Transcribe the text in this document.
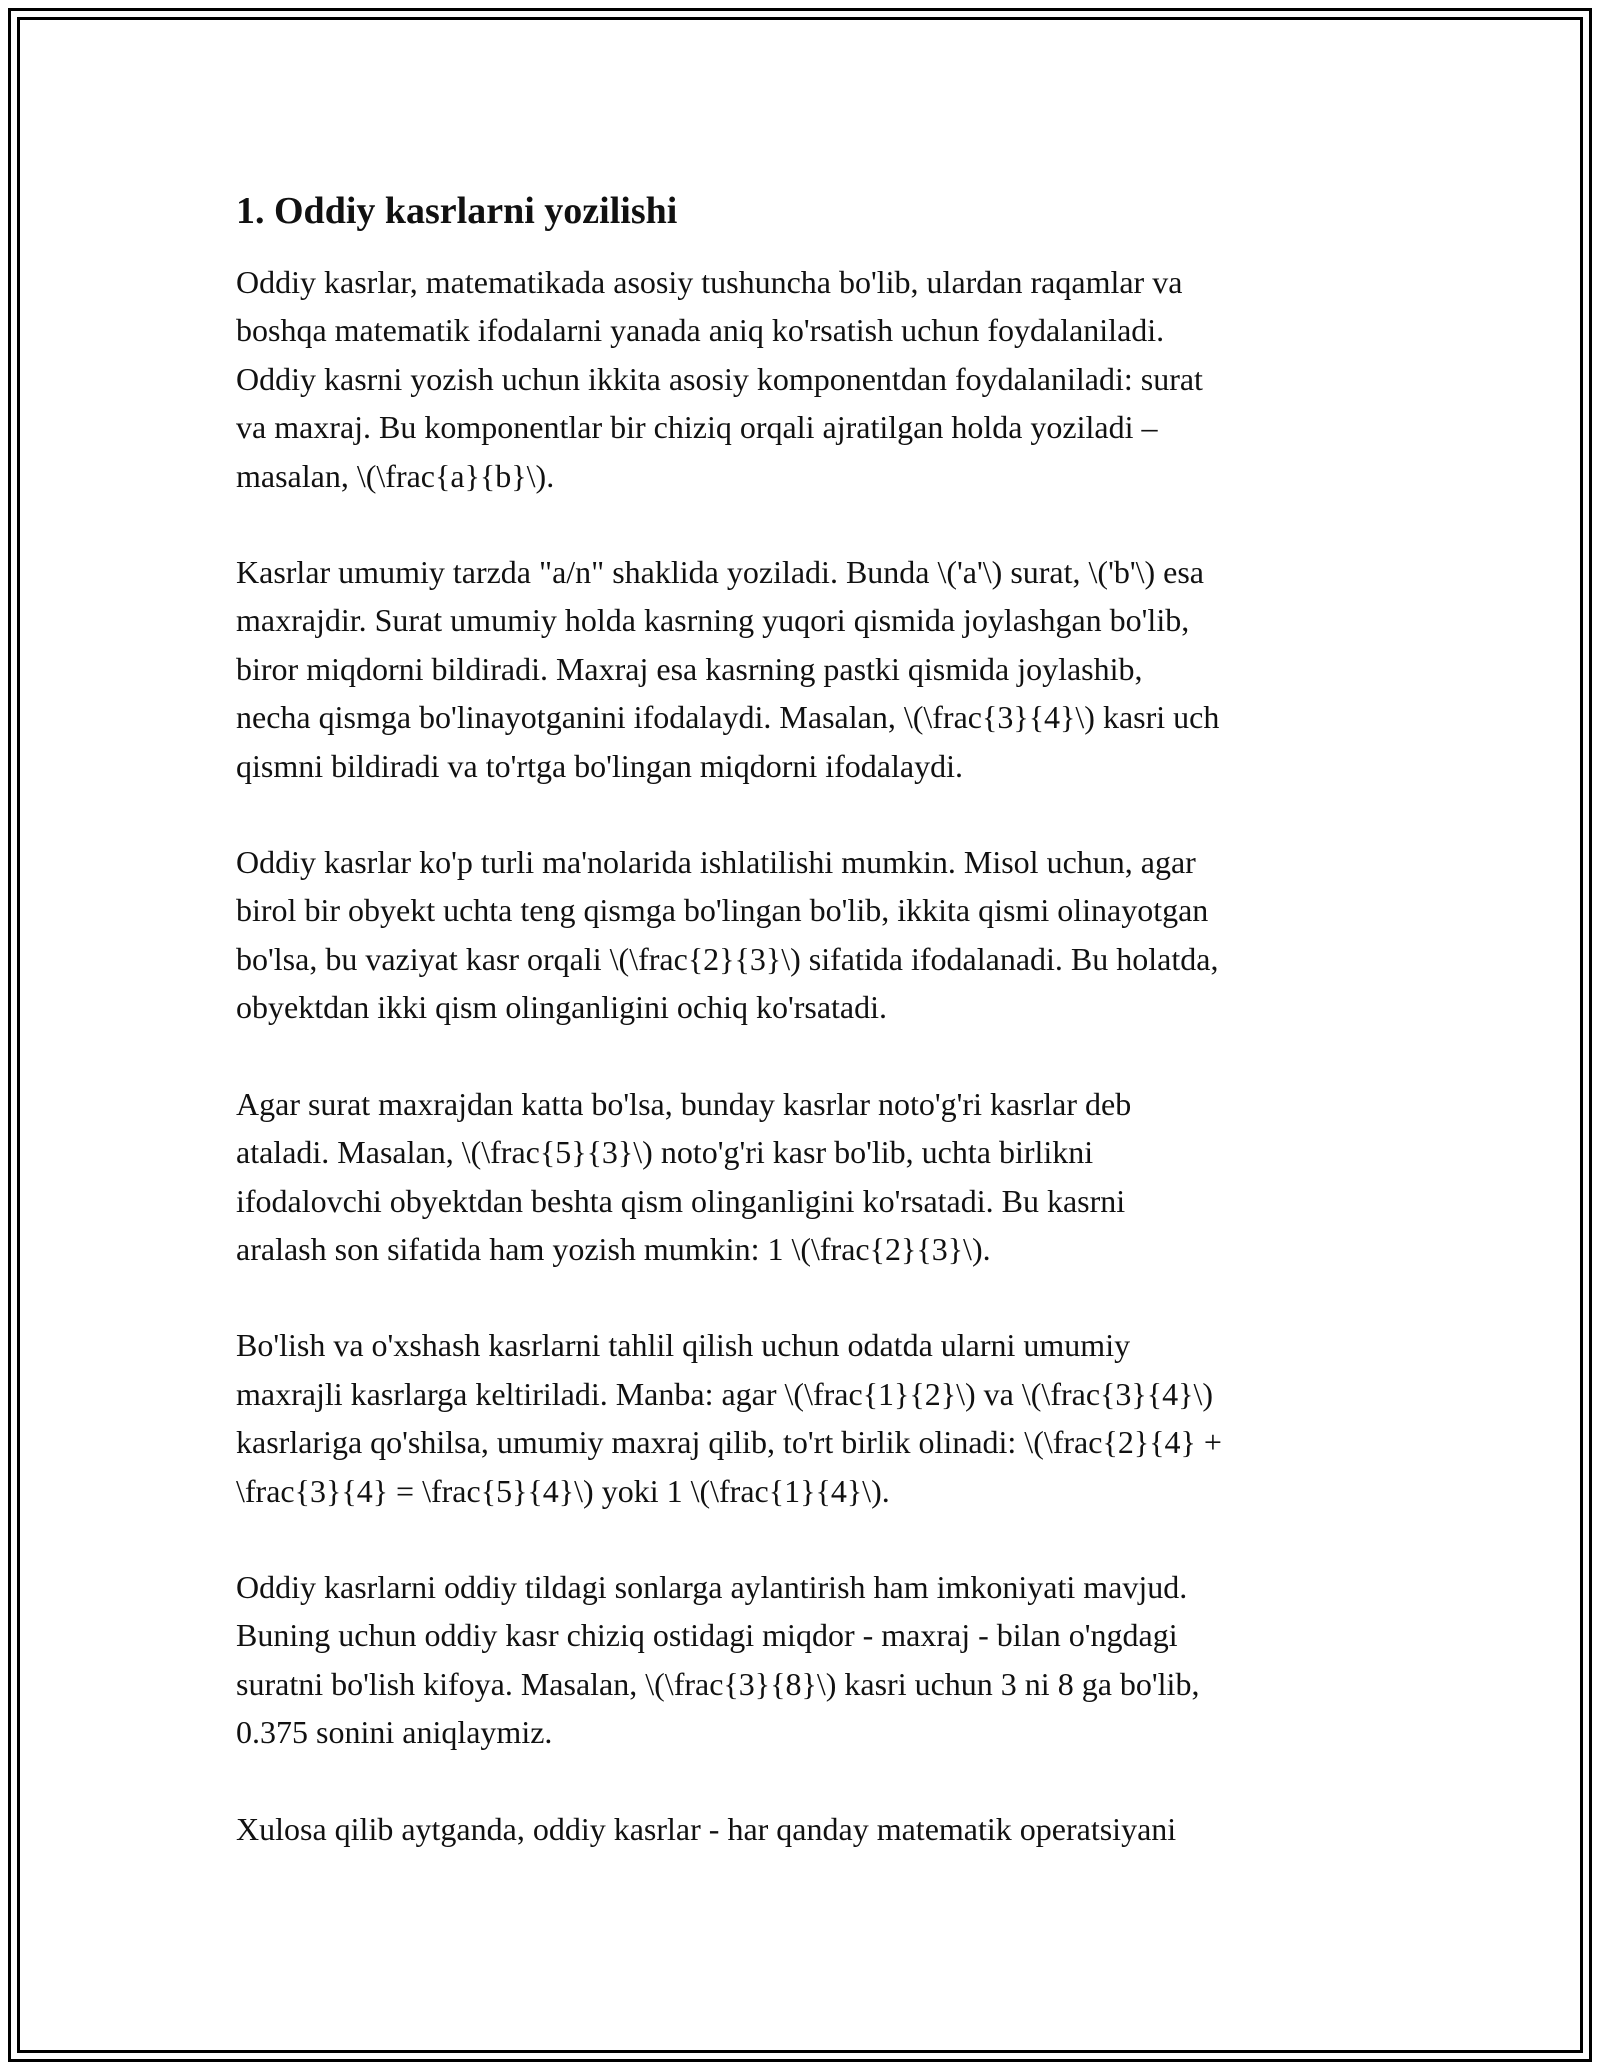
1. Oddiy kasrlarni yozilishi

Oddiy kasrlar, matematikada asosiy tushuncha bo'lib, ulardan raqamlar va
boshqa matematik ifodalarni yanada aniq ko'rsatish uchun foydalaniladi.
Oddiy kasrni yozish uchun ikkita asosiy komponentdan foydalaniladi: surat
va maxraj. Bu komponentlar bir chiziq orqali ajratilgan holda yoziladi –
masalan, \(\frac{a}{b}\).

Kasrlar umumiy tarzda "a/n" shaklida yoziladi. Bunda \('a'\) surat, \('b'\) esa
maxrajdir. Surat umumiy holda kasrning yuqori qismida joylashgan bo'lib,
biror miqdorni bildiradi. Maxraj esa kasrning pastki qismida joylashib,
necha qismga bo'linayotganini ifodalaydi. Masalan, \(\frac{3}{4}\) kasri uch
qismni bildiradi va to'rtga bo'lingan miqdorni ifodalaydi.

Oddiy kasrlar ko'p turli ma'nolarida ishlatilishi mumkin. Misol uchun, agar
birol bir obyekt uchta teng qismga bo'lingan bo'lib, ikkita qismi olinayotgan
bo'lsa, bu vaziyat kasr orqali \(\frac{2}{3}\) sifatida ifodalanadi. Bu holatda,
obyektdan ikki qism olinganligini ochiq ko'rsatadi.

Agar surat maxrajdan katta bo'lsa, bunday kasrlar noto'g'ri kasrlar deb
ataladi. Masalan, \(\frac{5}{3}\) noto'g'ri kasr bo'lib, uchta birlikni
ifodalovchi obyektdan beshta qism olinganligini ko'rsatadi. Bu kasrni
aralash son sifatida ham yozish mumkin: 1 \(\frac{2}{3}\).

Bo'lish va o'xshash kasrlarni tahlil qilish uchun odatda ularni umumiy
maxrajli kasrlarga keltiriladi. Manba: agar \(\frac{1}{2}\) va \(\frac{3}{4}\)
kasrlariga qo'shilsa, umumiy maxraj qilib, to'rt birlik olinadi: \(\frac{2}{4} +
\frac{3}{4} = \frac{5}{4}\) yoki 1 \(\frac{1}{4}\).

Oddiy kasrlarni oddiy tildagi sonlarga aylantirish ham imkoniyati mavjud.
Buning uchun oddiy kasr chiziq ostidagi miqdor - maxraj - bilan o'ngdagi
suratni bo'lish kifoya. Masalan, \(\frac{3}{8}\) kasri uchun 3 ni 8 ga bo'lib,
0.375 sonini aniqlaymiz.

Xulosa qilib aytganda, oddiy kasrlar - har qanday matematik operatsiyani
